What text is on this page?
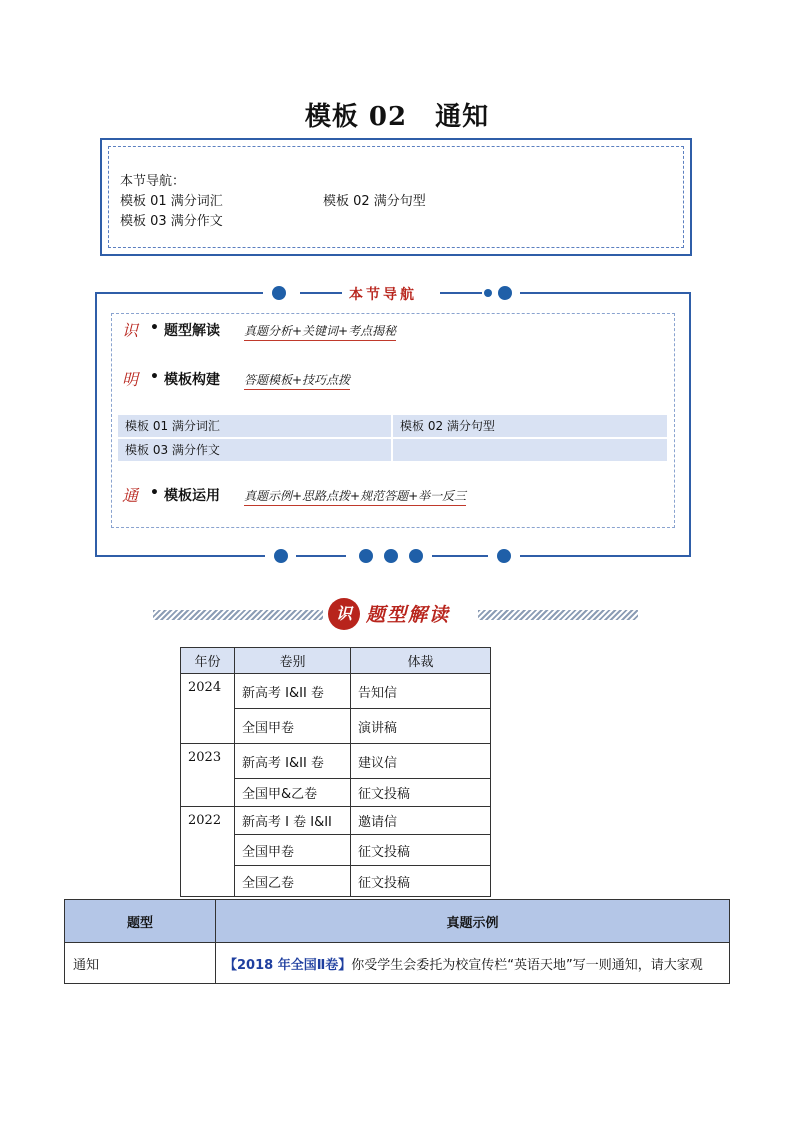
模板 02 通知
本节导航：
模板 01 满分词汇	模板 02 满分句型
模板 03 满分作文
本节导航
识 • 题型解读 真题分析+关键词+考点揭秘
明 • 模板构建 答题模板+技巧点拨
模板 01 满分词汇	模板 02 满分句型
模板 03 满分作文
通 • 模板运用 真题示例+思路点拨+规范答题+举一反三
识 题型解读
年份	卷别	体裁
2024	新高考 I&II 卷	告知信
	全国甲卷	演讲稿
2023	新高考 I&II 卷	建议信
	全国甲&乙卷	征文投稿
2022	新高考 I 卷 I&II	邀请信
	全国甲卷	征文投稿
	全国乙卷	征文投稿
题型	真题示例
通知	【2018 年全国Ⅱ卷】你受学生会委托为校宣传栏“英语天地”写一则通知，请大家观
